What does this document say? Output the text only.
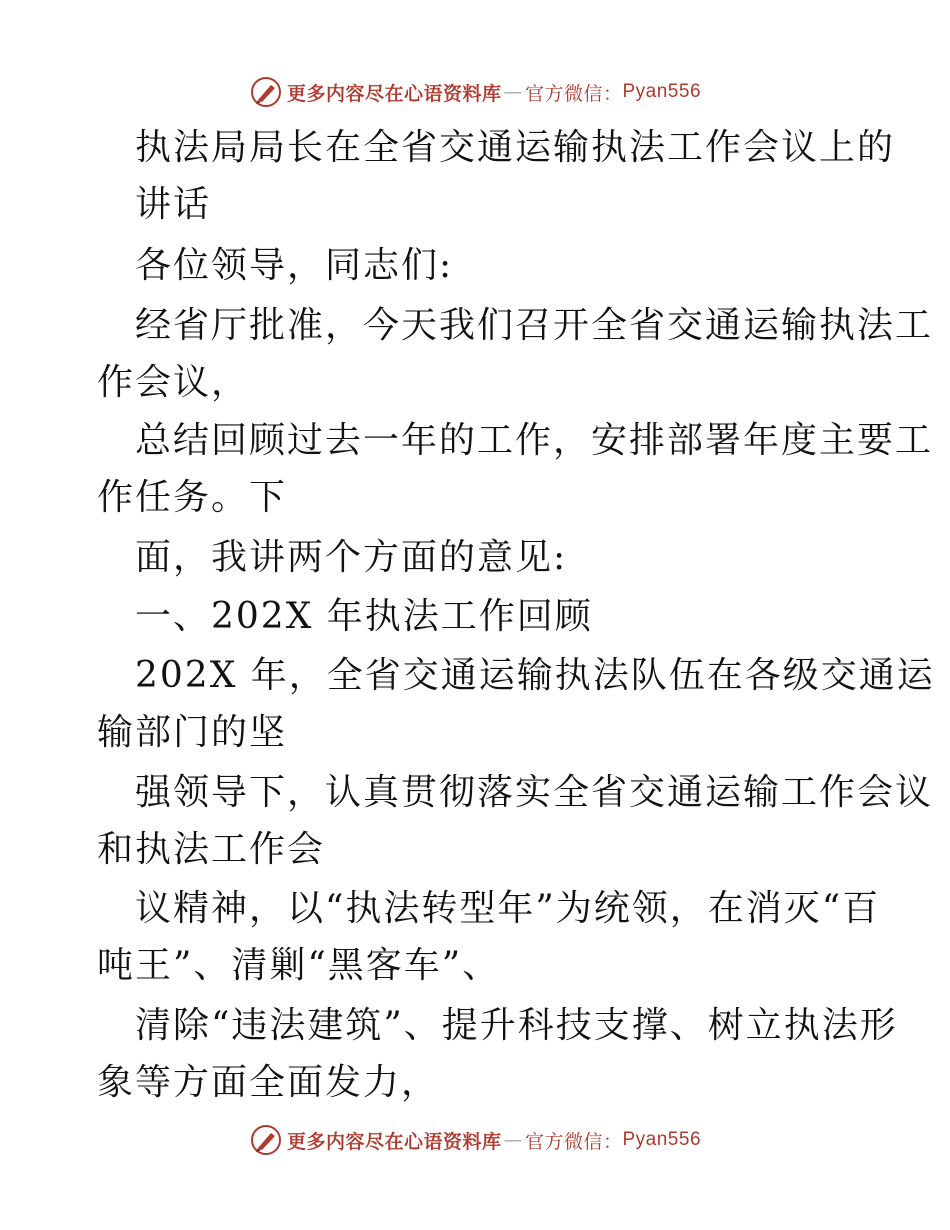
更多内容尽在心语资料库 — 官方微信： Pyan556
执法局局长在全省交通运输执法工作会议上的
讲话
各位领导，同志们:
经省厅批准，今天我们召开全省交通运输执法工
作会议，
总结回顾过去一年的工作，安排部署年度主要工
作任务。下
面，我讲两个方面的意见:
一、202X 年执法工作回顾
202X 年，全省交通运输执法队伍在各级交通运
输部门的坚
强领导下，认真贯彻落实全省交通运输工作会议
和执法工作会
议精神，以“执法转型年”为统领，在消灭“百
吨王”、清剿“黑客车”、
清除“违法建筑”、提升科技支撑、树立执法形
象等方面全面发力，
更多内容尽在心语资料库 — 官方微信： Pyan556
